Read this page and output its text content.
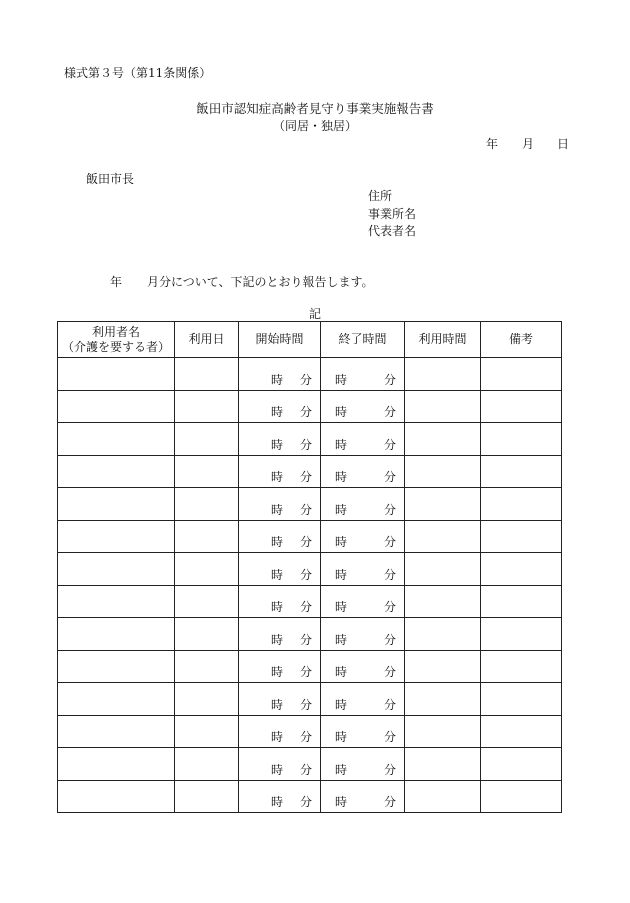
様式第３号（第11条関係）
飯田市認知症高齢者見守り事業実施報告書
（同居・独居）
年 月 日
飯田市長
住所
事業所名
代表者名
年 月分について、下記のとおり報告します。
記
利用者名
（介護を要する者）	利用日	開始時間	終了時間	利用時間	備考

		時 分	時 分		

		時 分	時 分		

		時 分	時 分		

		時 分	時 分		

		時 分	時 分		

		時 分	時 分		

		時 分	時 分		

		時 分	時 分		

		時 分	時 分		

		時 分	時 分		

		時 分	時 分		

		時 分	時 分		

		時 分	時 分		

		時 分	時 分		
